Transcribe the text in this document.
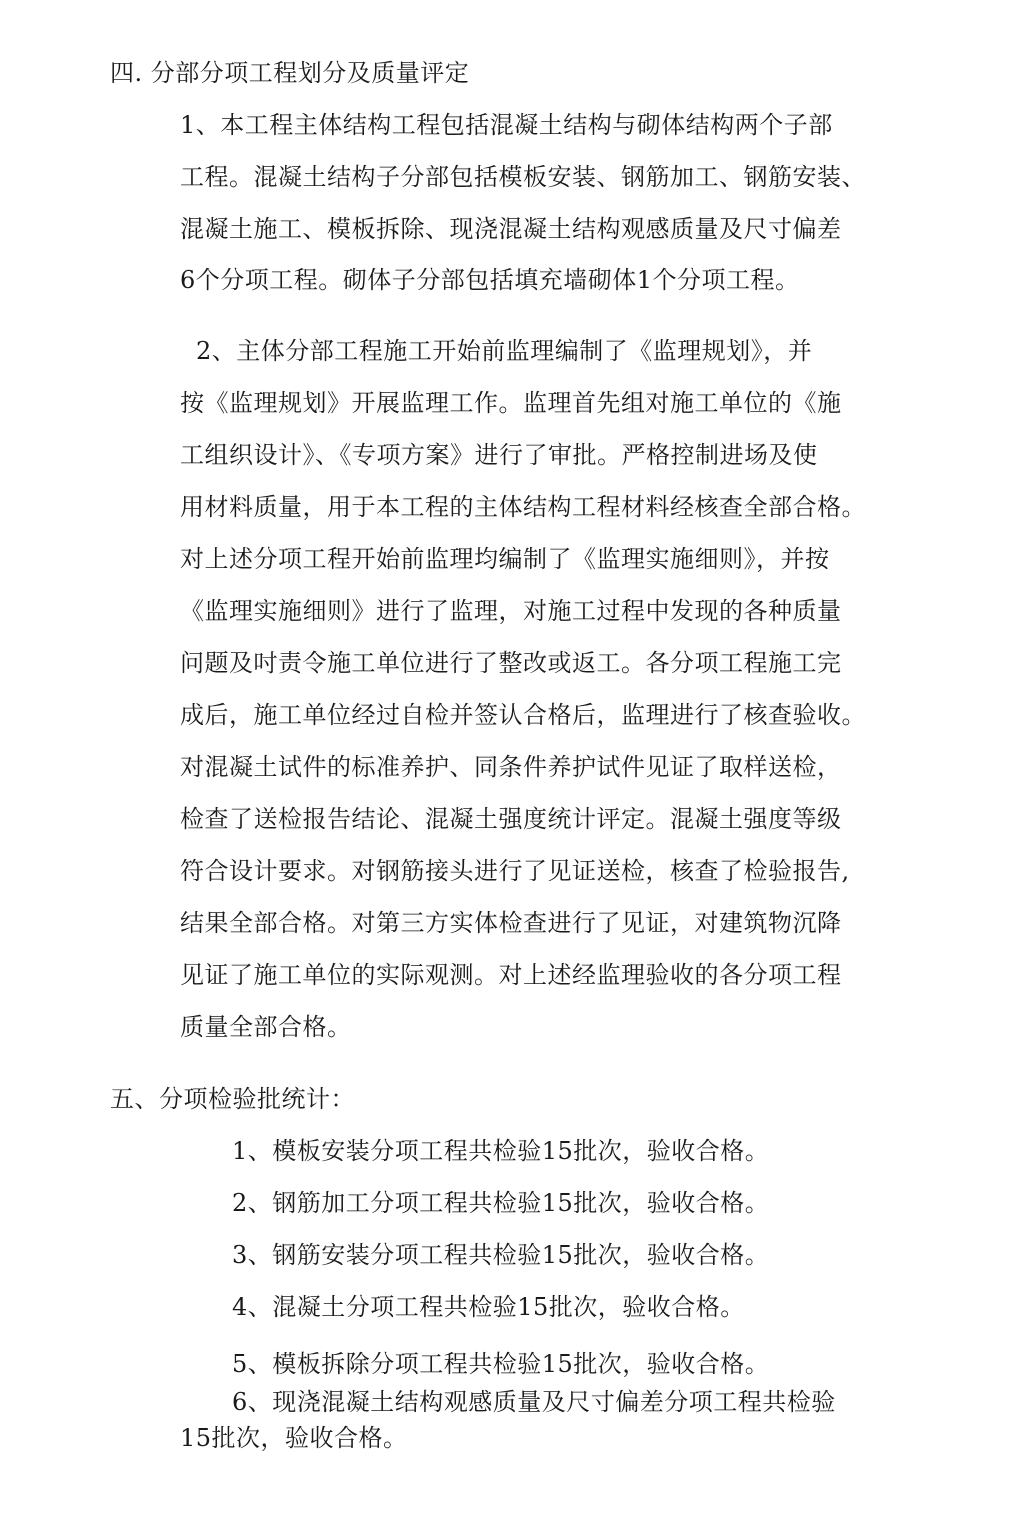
四. 分部分项工程划分及质量评定
1、本工程主体结构工程包括混凝土结构与砌体结构两个子部
工程。混凝土结构子分部包括模板安装、钢筋加工、钢筋安装、
混凝土施工、模板拆除、现浇混凝土结构观感质量及尺寸偏差
6个分项工程。砌体子分部包括填充墙砌体1个分项工程。
2、主体分部工程施工开始前监理编制了《监理规划》，并
按《监理规划》开展监理工作。监理首先组对施工单位的《施
工组织设计》、《专项方案》进行了审批。严格控制进场及使
用材料质量，用于本工程的主体结构工程材料经核查全部合格。
对上述分项工程开始前监理均编制了《监理实施细则》，并按
《监理实施细则》进行了监理，对施工过程中发现的各种质量
问题及吋责令施工单位进行了整改或返工。各分项工程施工完
成后，施工单位经过自检并签认合格后，监理进行了核查验收。
对混凝土试件的标准养护、同条件养护试件见证了取样送检，
检查了送检报告结论、混凝土强度统计评定。混凝土强度等级
符合设计要求。对钢筋接头进行了见证送检，核查了检验报告,
结果全部合格。对第三方实体检查进行了见证，对建筑物沉降
见证了施工单位的实际观测。对上述经监理验收的各分项工程
质量全部合格。
五、分项检验批统计：
1、模板安装分项工程共检验15批次，验收合格。
2、钢筋加工分项工程共检验15批次，验收合格。
3、钢筋安装分项工程共检验15批次，验收合格。
4、混凝土分项工程共检验15批次，验收合格。
5、模板拆除分项工程共检验15批次，验收合格。
6、现浇混凝土结构观感质量及尺寸偏差分项工程共检验
15批次，验收合格。
